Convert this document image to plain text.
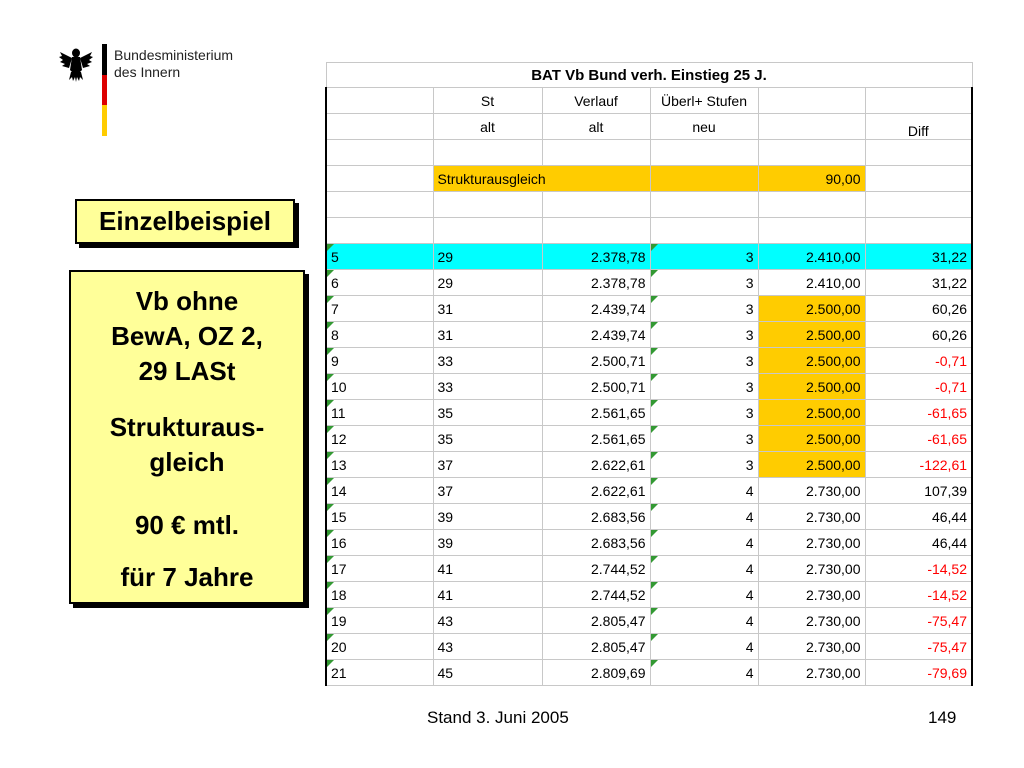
Bundesministerium
des Innern
Einzelbeispiel
Vb ohne
BewA, OZ 2,
29 LASt
Strukturaus-
gleich
90 € mtl.
für 7 Jahre
BAT Vb Bund verh. Einstieg 25 J.					
	St	Verlauf	Überl+ Stufen		
	alt	alt	neu		Diff

	Strukturausgleich			90,00	

5	29	2.378,78	3	2.410,00	31,22
6	29	2.378,78	3	2.410,00	31,22
7	31	2.439,74	3	2.500,00	60,26
8	31	2.439,74	3	2.500,00	60,26
9	33	2.500,71	3	2.500,00	-0,71
10	33	2.500,71	3	2.500,00	-0,71
11	35	2.561,65	3	2.500,00	-61,65
12	35	2.561,65	3	2.500,00	-61,65
13	37	2.622,61	3	2.500,00	-122,61
14	37	2.622,61	4	2.730,00	107,39
15	39	2.683,56	4	2.730,00	46,44
16	39	2.683,56	4	2.730,00	46,44
17	41	2.744,52	4	2.730,00	-14,52
18	41	2.744,52	4	2.730,00	-14,52
19	43	2.805,47	4	2.730,00	-75,47
20	43	2.805,47	4	2.730,00	-75,47
21	45	2.809,69	4	2.730,00	-79,69
Stand 3. Juni 2005	149
